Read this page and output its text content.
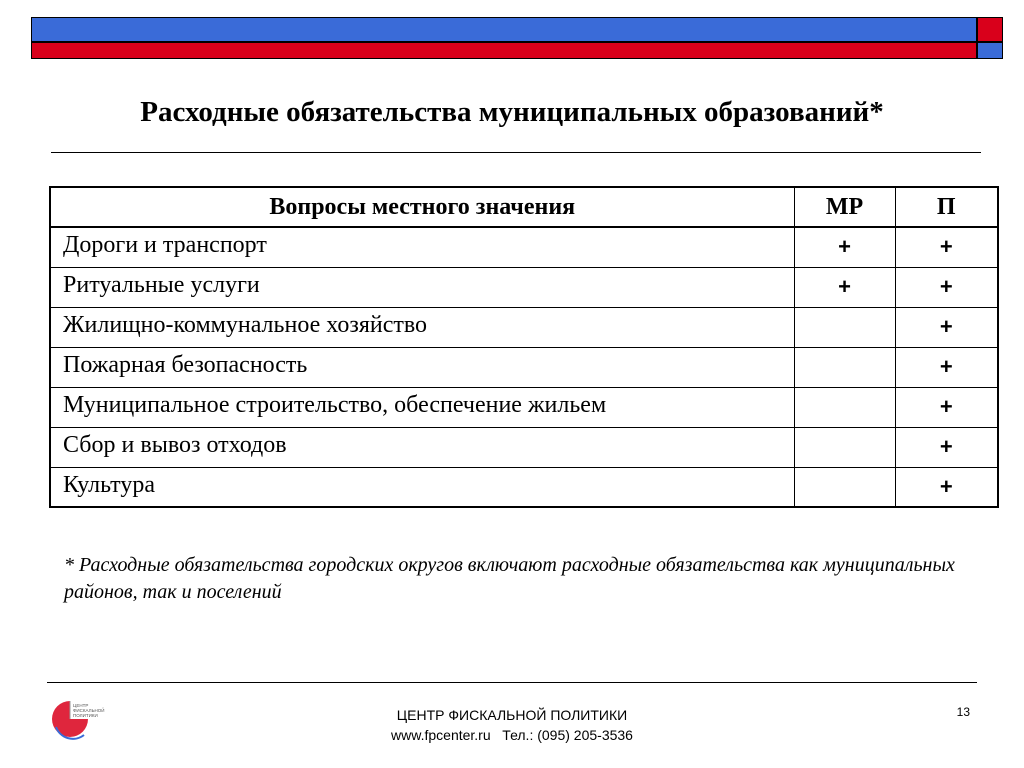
Расходные обязательства муниципальных образований*
Вопросы местного значения	МР	П
Дороги и транспорт	+	+
Ритуальные услуги	+	+
Жилищно-коммунальное хозяйство		+
Пожарная безопасность		+
Муниципальное строительство, обеспечение жильем		+
Сбор и вывоз отходов		+
Культура		+

* Расходные обязательства городских округов включают расходные обязательства как муниципальных районов, так и поселений

ЦЕНТР
ФИСКАЛЬНОЙ
ПОЛИТИКИ	ЦЕНТР ФИСКАЛЬНОЙ ПОЛИТИКИ
www.fpcenter.ru   Тел.: (095) 205-3536
13
